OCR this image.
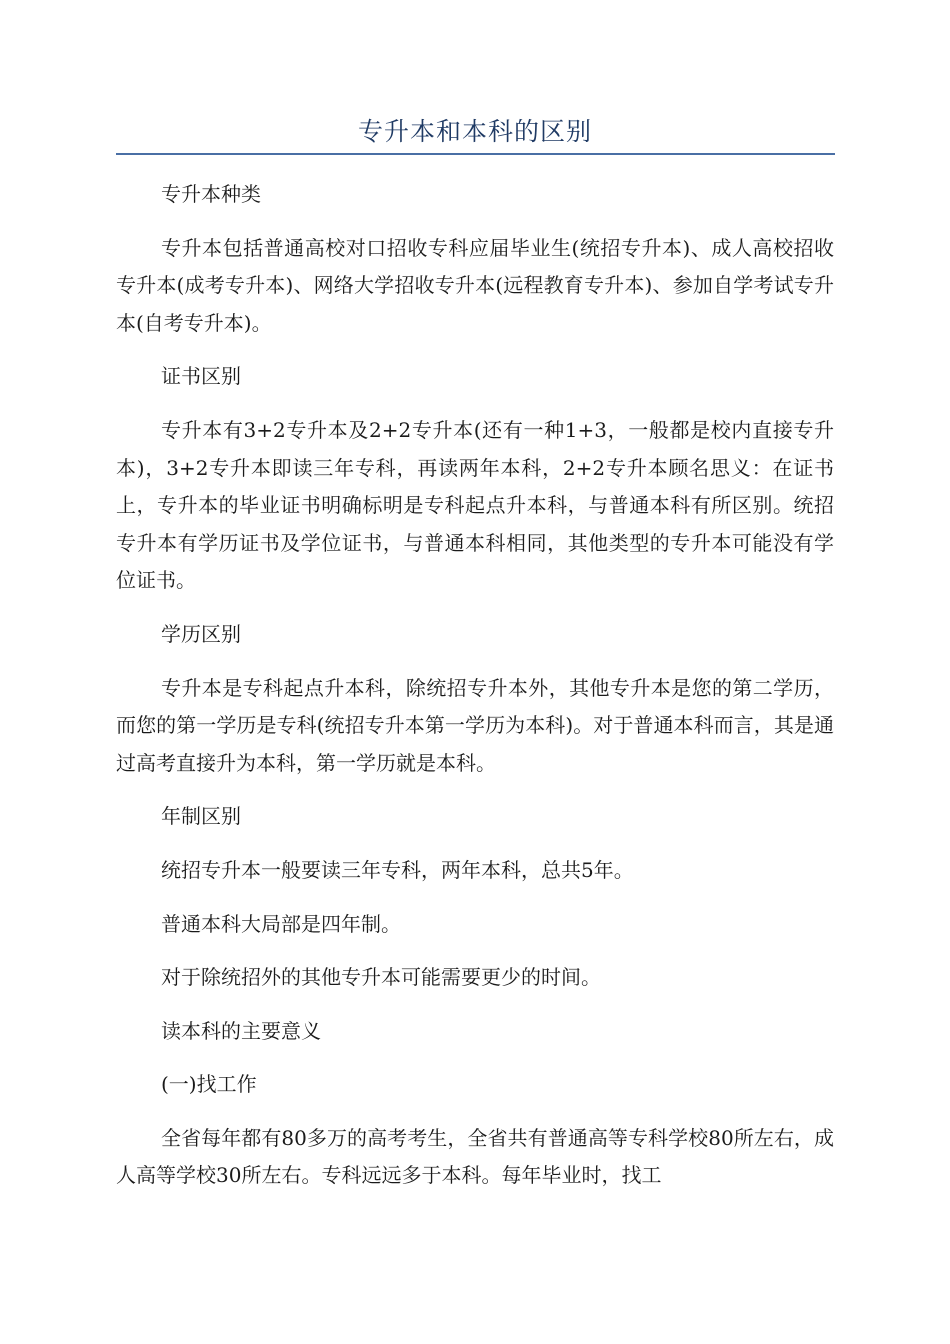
专升本和本科的区别

专升本种类

专升本包括普通高校对口招收专科应届毕业生(统招专升本)、成人高校招收专升本(成考专升本)、网络大学招收专升本(远程教育专升本)、参加自学考试专升本(自考专升本)。

证书区别

专升本有3+2专升本及2+2专升本(还有一种1+3，一般都是校内直接专升本)，3+2专升本即读三年专科，再读两年本科，2+2专升本顾名思义：在证书上，专升本的毕业证书明确标明是专科起点升本科，与普通本科有所区别。统招专升本有学历证书及学位证书，与普通本科相同，其他类型的专升本可能没有学位证书。

学历区别

专升本是专科起点升本科，除统招专升本外，其他专升本是您的第二学历，而您的第一学历是专科(统招专升本第一学历为本科)。对于普通本科而言，其是通过高考直接升为本科，第一学历就是本科。

年制区别

统招专升本一般要读三年专科，两年本科，总共5年。

普通本科大局部是四年制。

对于除统招外的其他专升本可能需要更少的时间。

读本科的主要意义

(一)找工作

全省每年都有80多万的高考考生，全省共有普通高等专科学校80所左右，成人高等学校30所左右。专科远远多于本科。每年毕业时，找工
